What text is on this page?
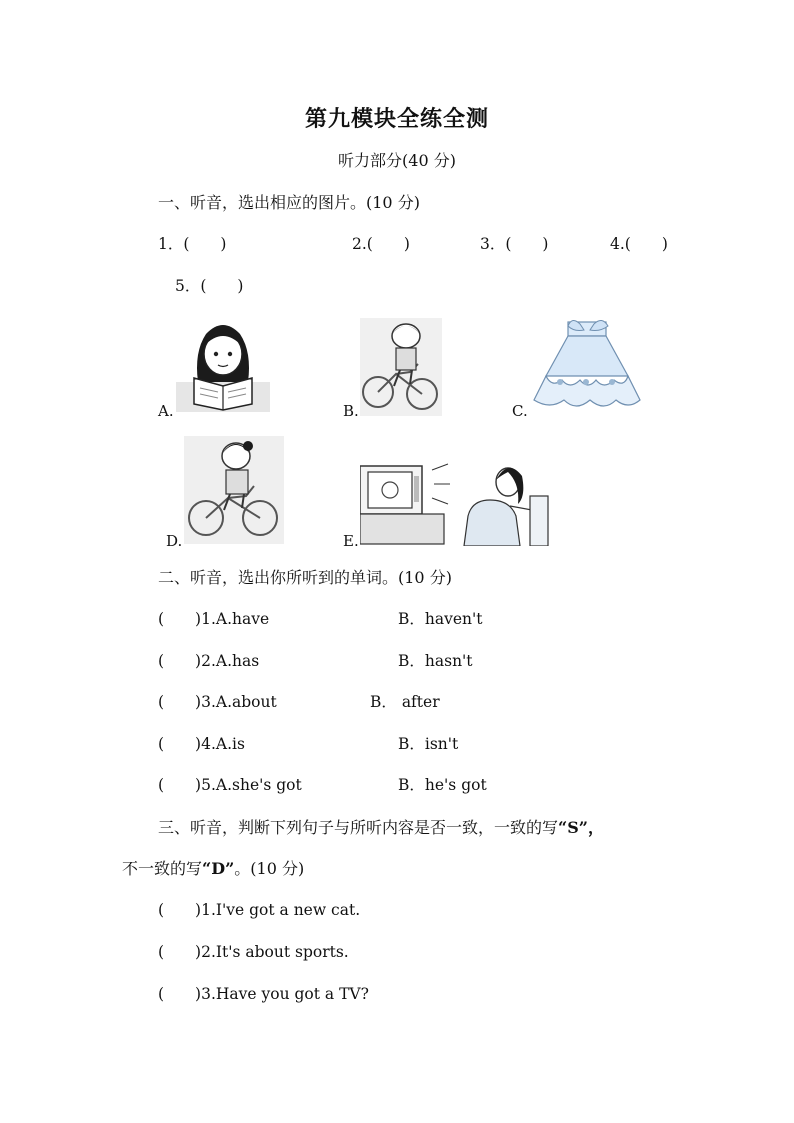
第九模块全练全测
听力部分(40 分)
一、听音，选出相应的图片。(10 分)
1．(　　)	2.(　　)	3．(　　)	4.(　　)
5．(　　)
A.	B.	C.
D.	E.
二、听音，选出你所听到的单词。(10 分)
(　　)1.A.have	B．haven't
(　　)2.A.has	B．hasn't
(　　)3.A.about	B． after
(　　)4.A.is	B．isn't
(　　)5.A.she's got	B．he's got
三、听音，判断下列句子与所听内容是否一致，一致的写“S”，
不一致的写“D”。(10 分)
(　　)1.I've got a new cat.
(　　)2.It's about sports.
(　　)3.Have you got a TV?
